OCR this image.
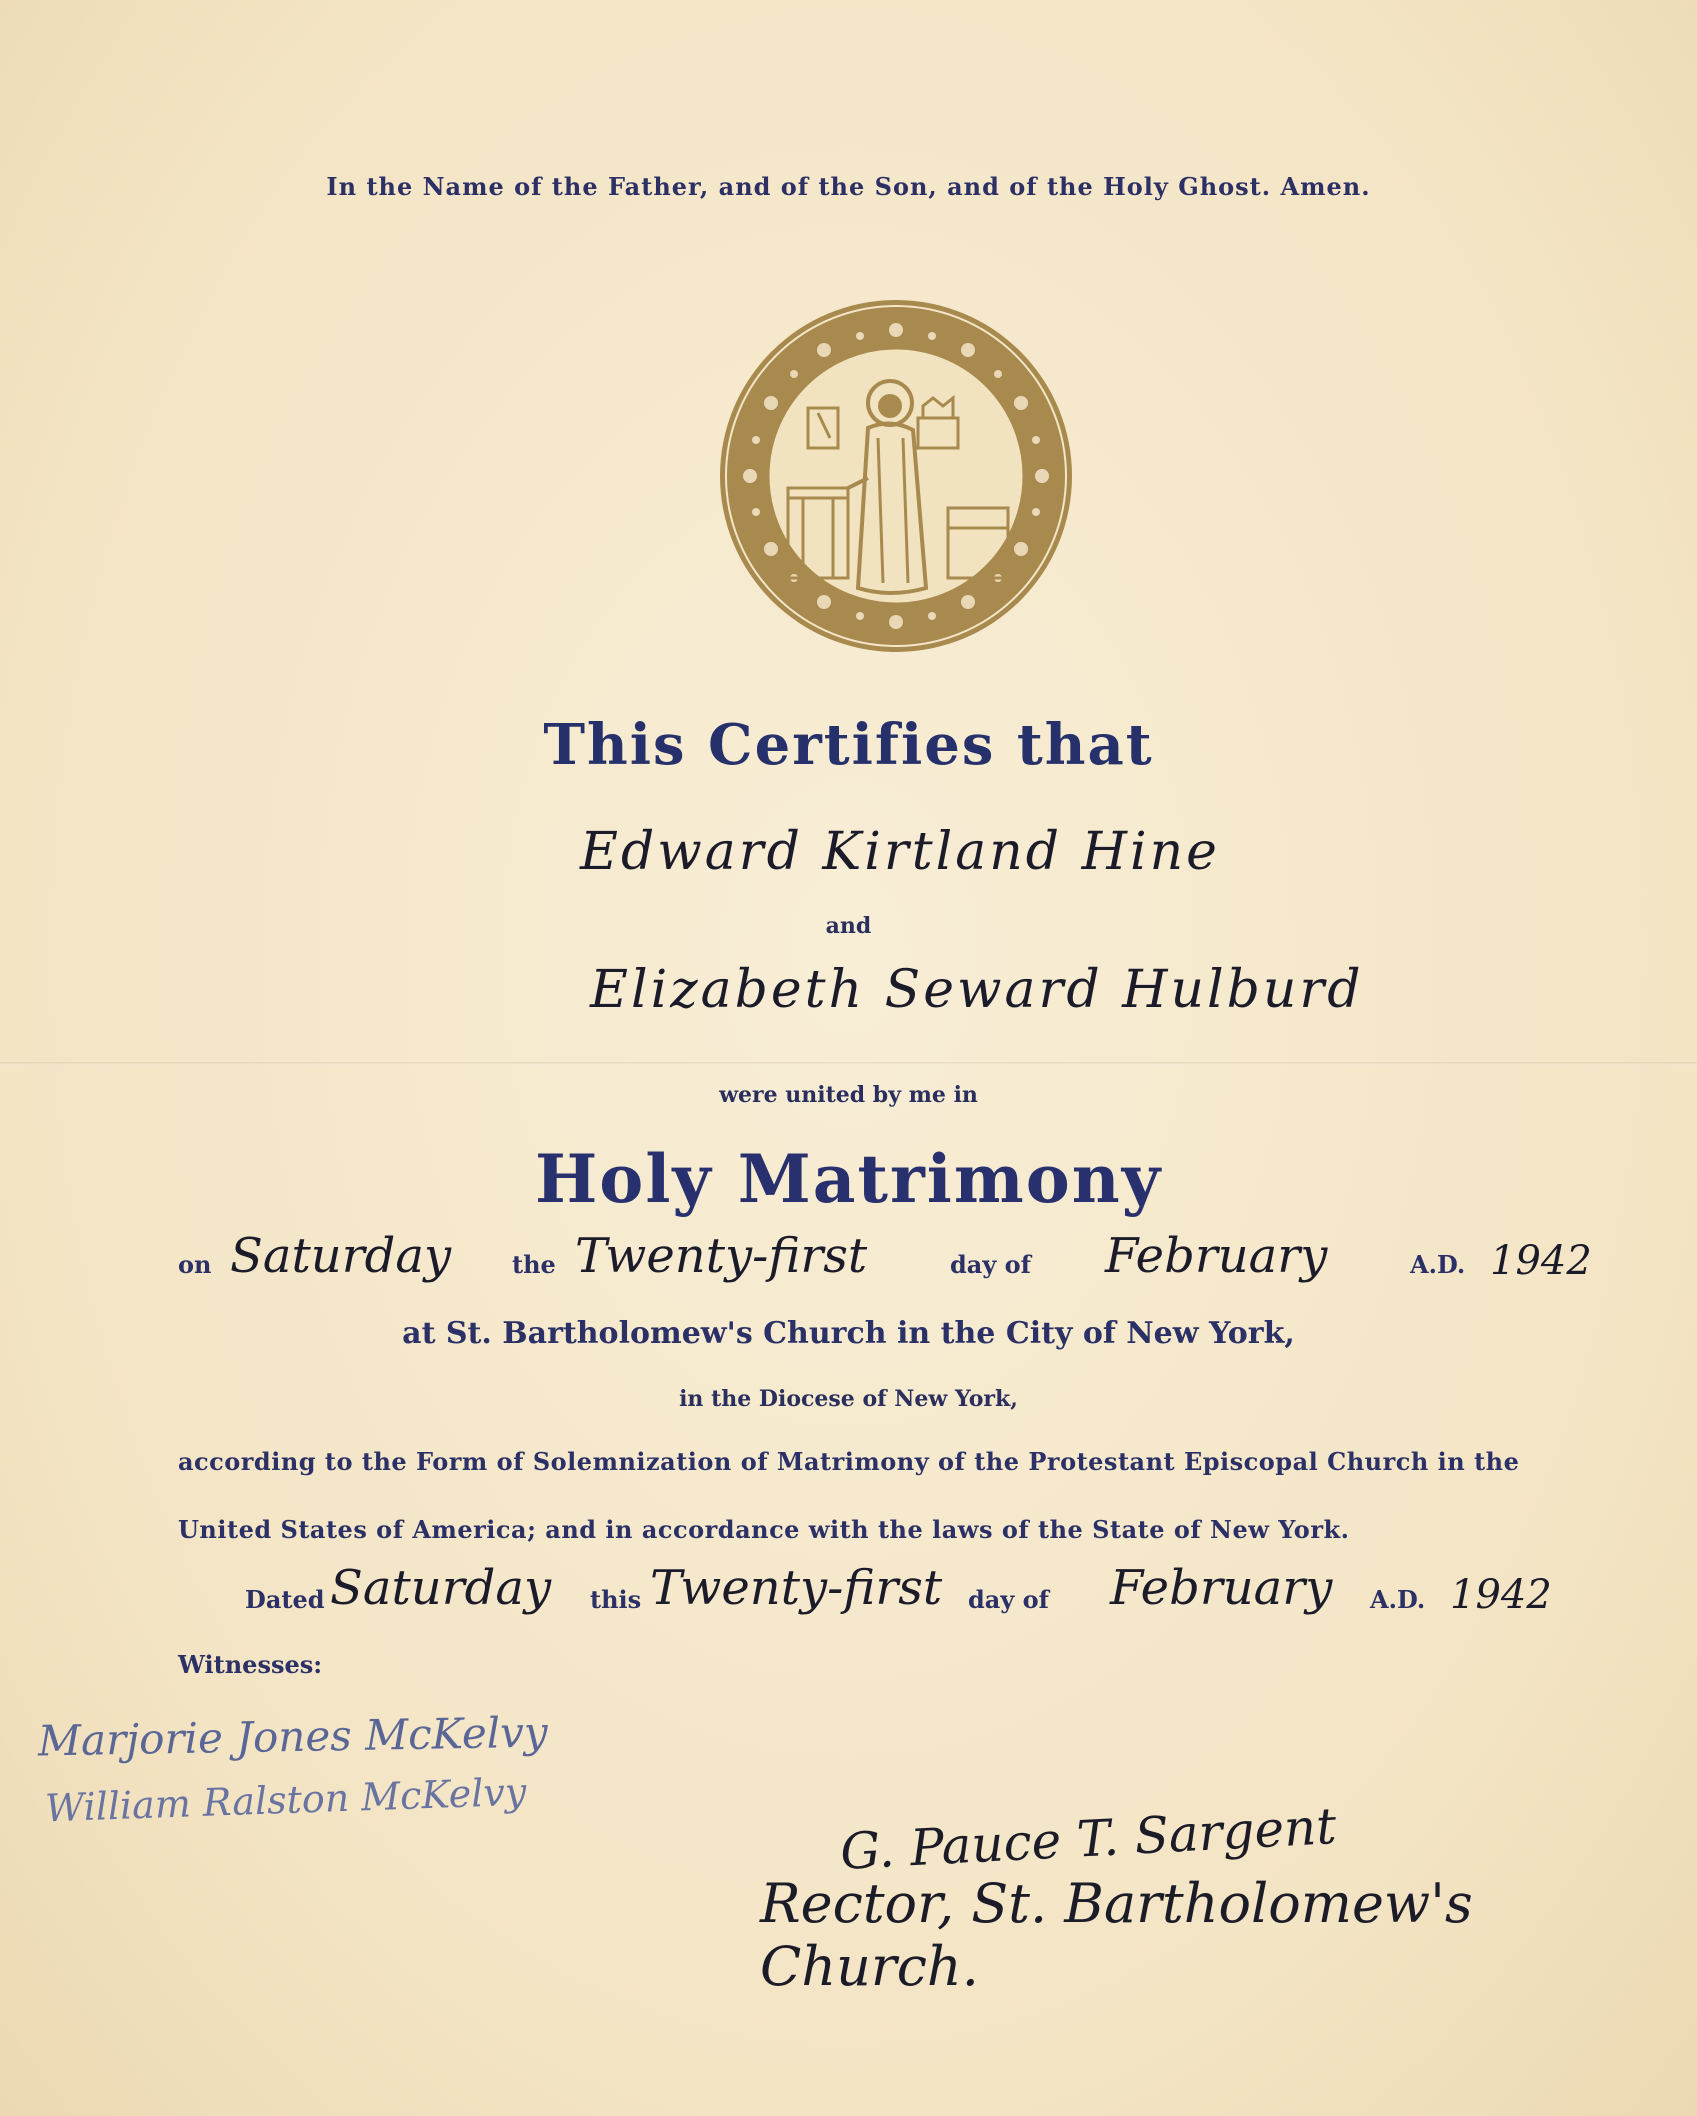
In the Name of the Father, and of the Son, and of the Holy Ghost. Amen.
This Certifies that
Edward Kirtland Hine
and
Elizabeth Seward Hulburd
were united by me in
Holy Matrimony
on Saturday	the Twenty-first	day of February	A.D. 1942
at St. Bartholomew's Church in the City of New York,
in the Diocese of New York,
according to the Form of Solemnization of Matrimony of the Protestant Episcopal Church in the
United States of America; and in accordance with the laws of the State of New York.
Dated Saturday this Twenty-first day of February A.D. 1942
Witnesses:
Marjorie Jones McKelvy
William Ralston McKelvy	G. Pauce T. Sargent
Rector, St. Bartholomew's Church.
